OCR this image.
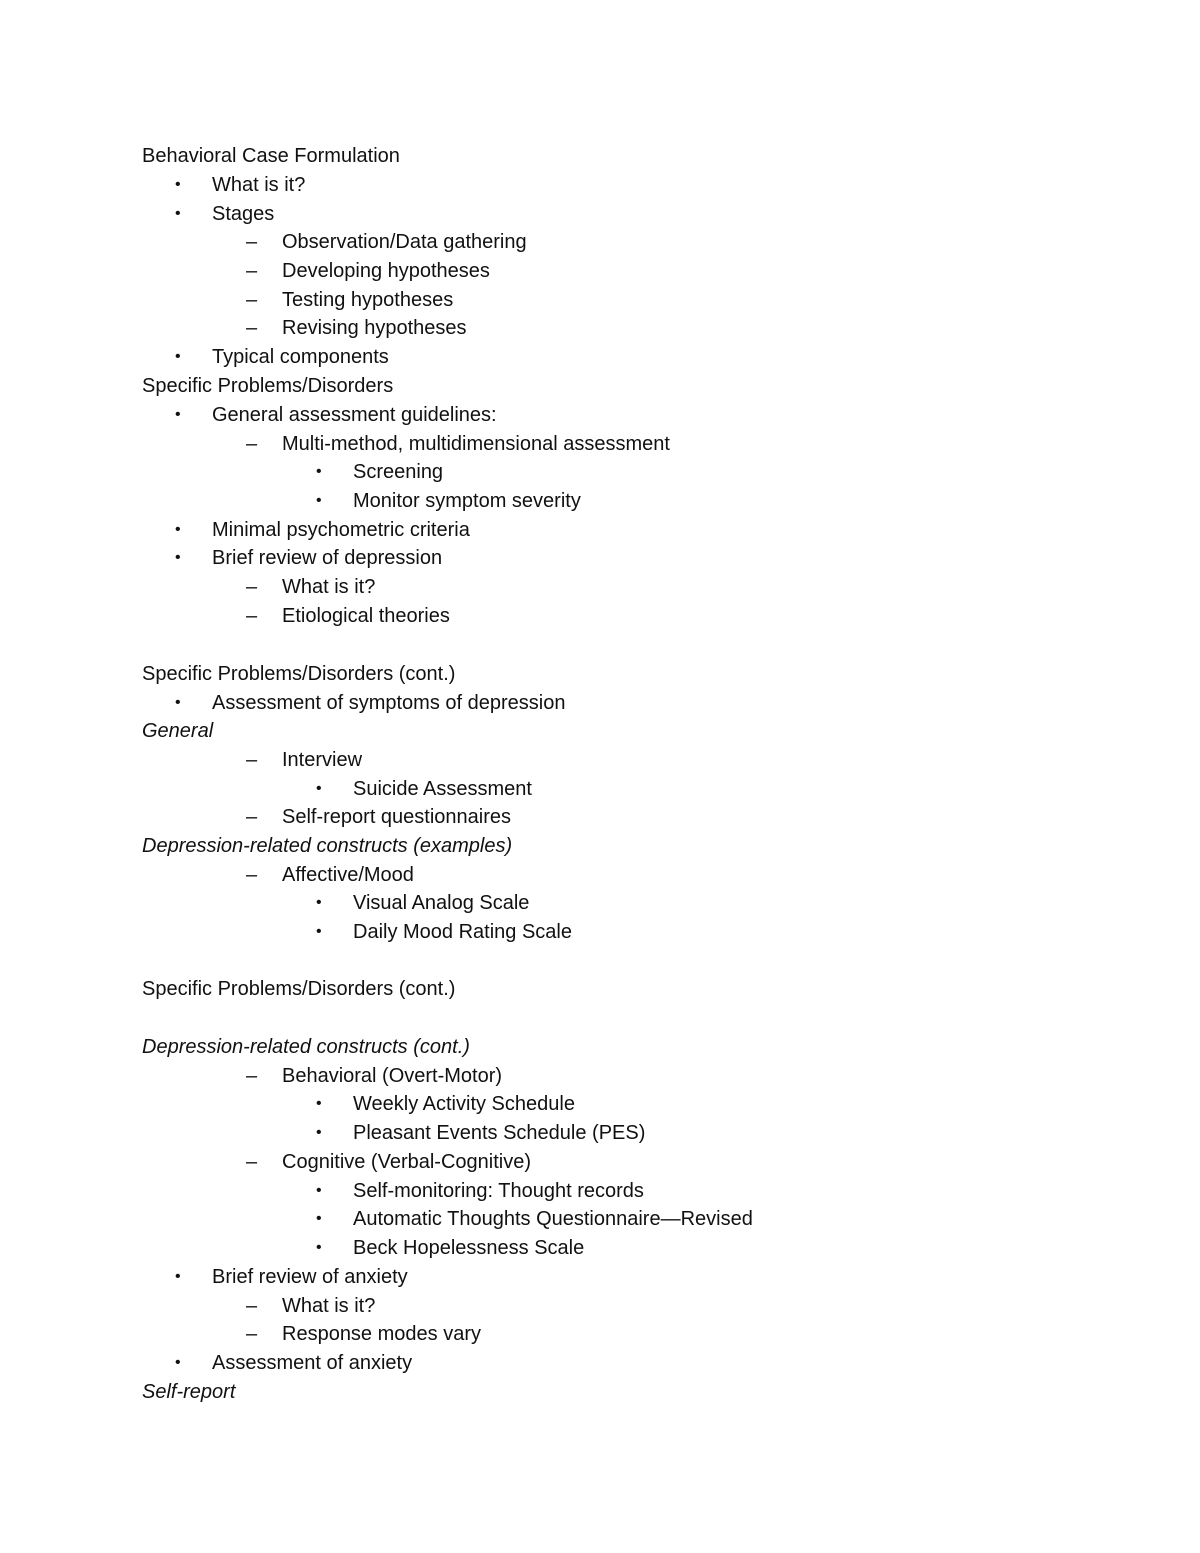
Behavioral Case Formulation
• What is it?
• Stages
– Observation/Data gathering
– Developing hypotheses
– Testing hypotheses
– Revising hypotheses
• Typical components
Specific Problems/Disorders
• General assessment guidelines:
– Multi-method, multidimensional assessment
• Screening
• Monitor symptom severity
• Minimal psychometric criteria
• Brief review of depression
– What is it?
– Etiological theories
Specific Problems/Disorders (cont.)
• Assessment of symptoms of depression
General
– Interview
• Suicide Assessment
– Self-report questionnaires
Depression-related constructs (examples)
– Affective/Mood
• Visual Analog Scale
• Daily Mood Rating Scale
Specific Problems/Disorders (cont.)
Depression-related constructs (cont.)
– Behavioral (Overt-Motor)
• Weekly Activity Schedule
• Pleasant Events Schedule (PES)
– Cognitive (Verbal-Cognitive)
• Self-monitoring: Thought records
• Automatic Thoughts Questionnaire—Revised
• Beck Hopelessness Scale
• Brief review of anxiety
– What is it?
– Response modes vary
• Assessment of anxiety
Self-report
